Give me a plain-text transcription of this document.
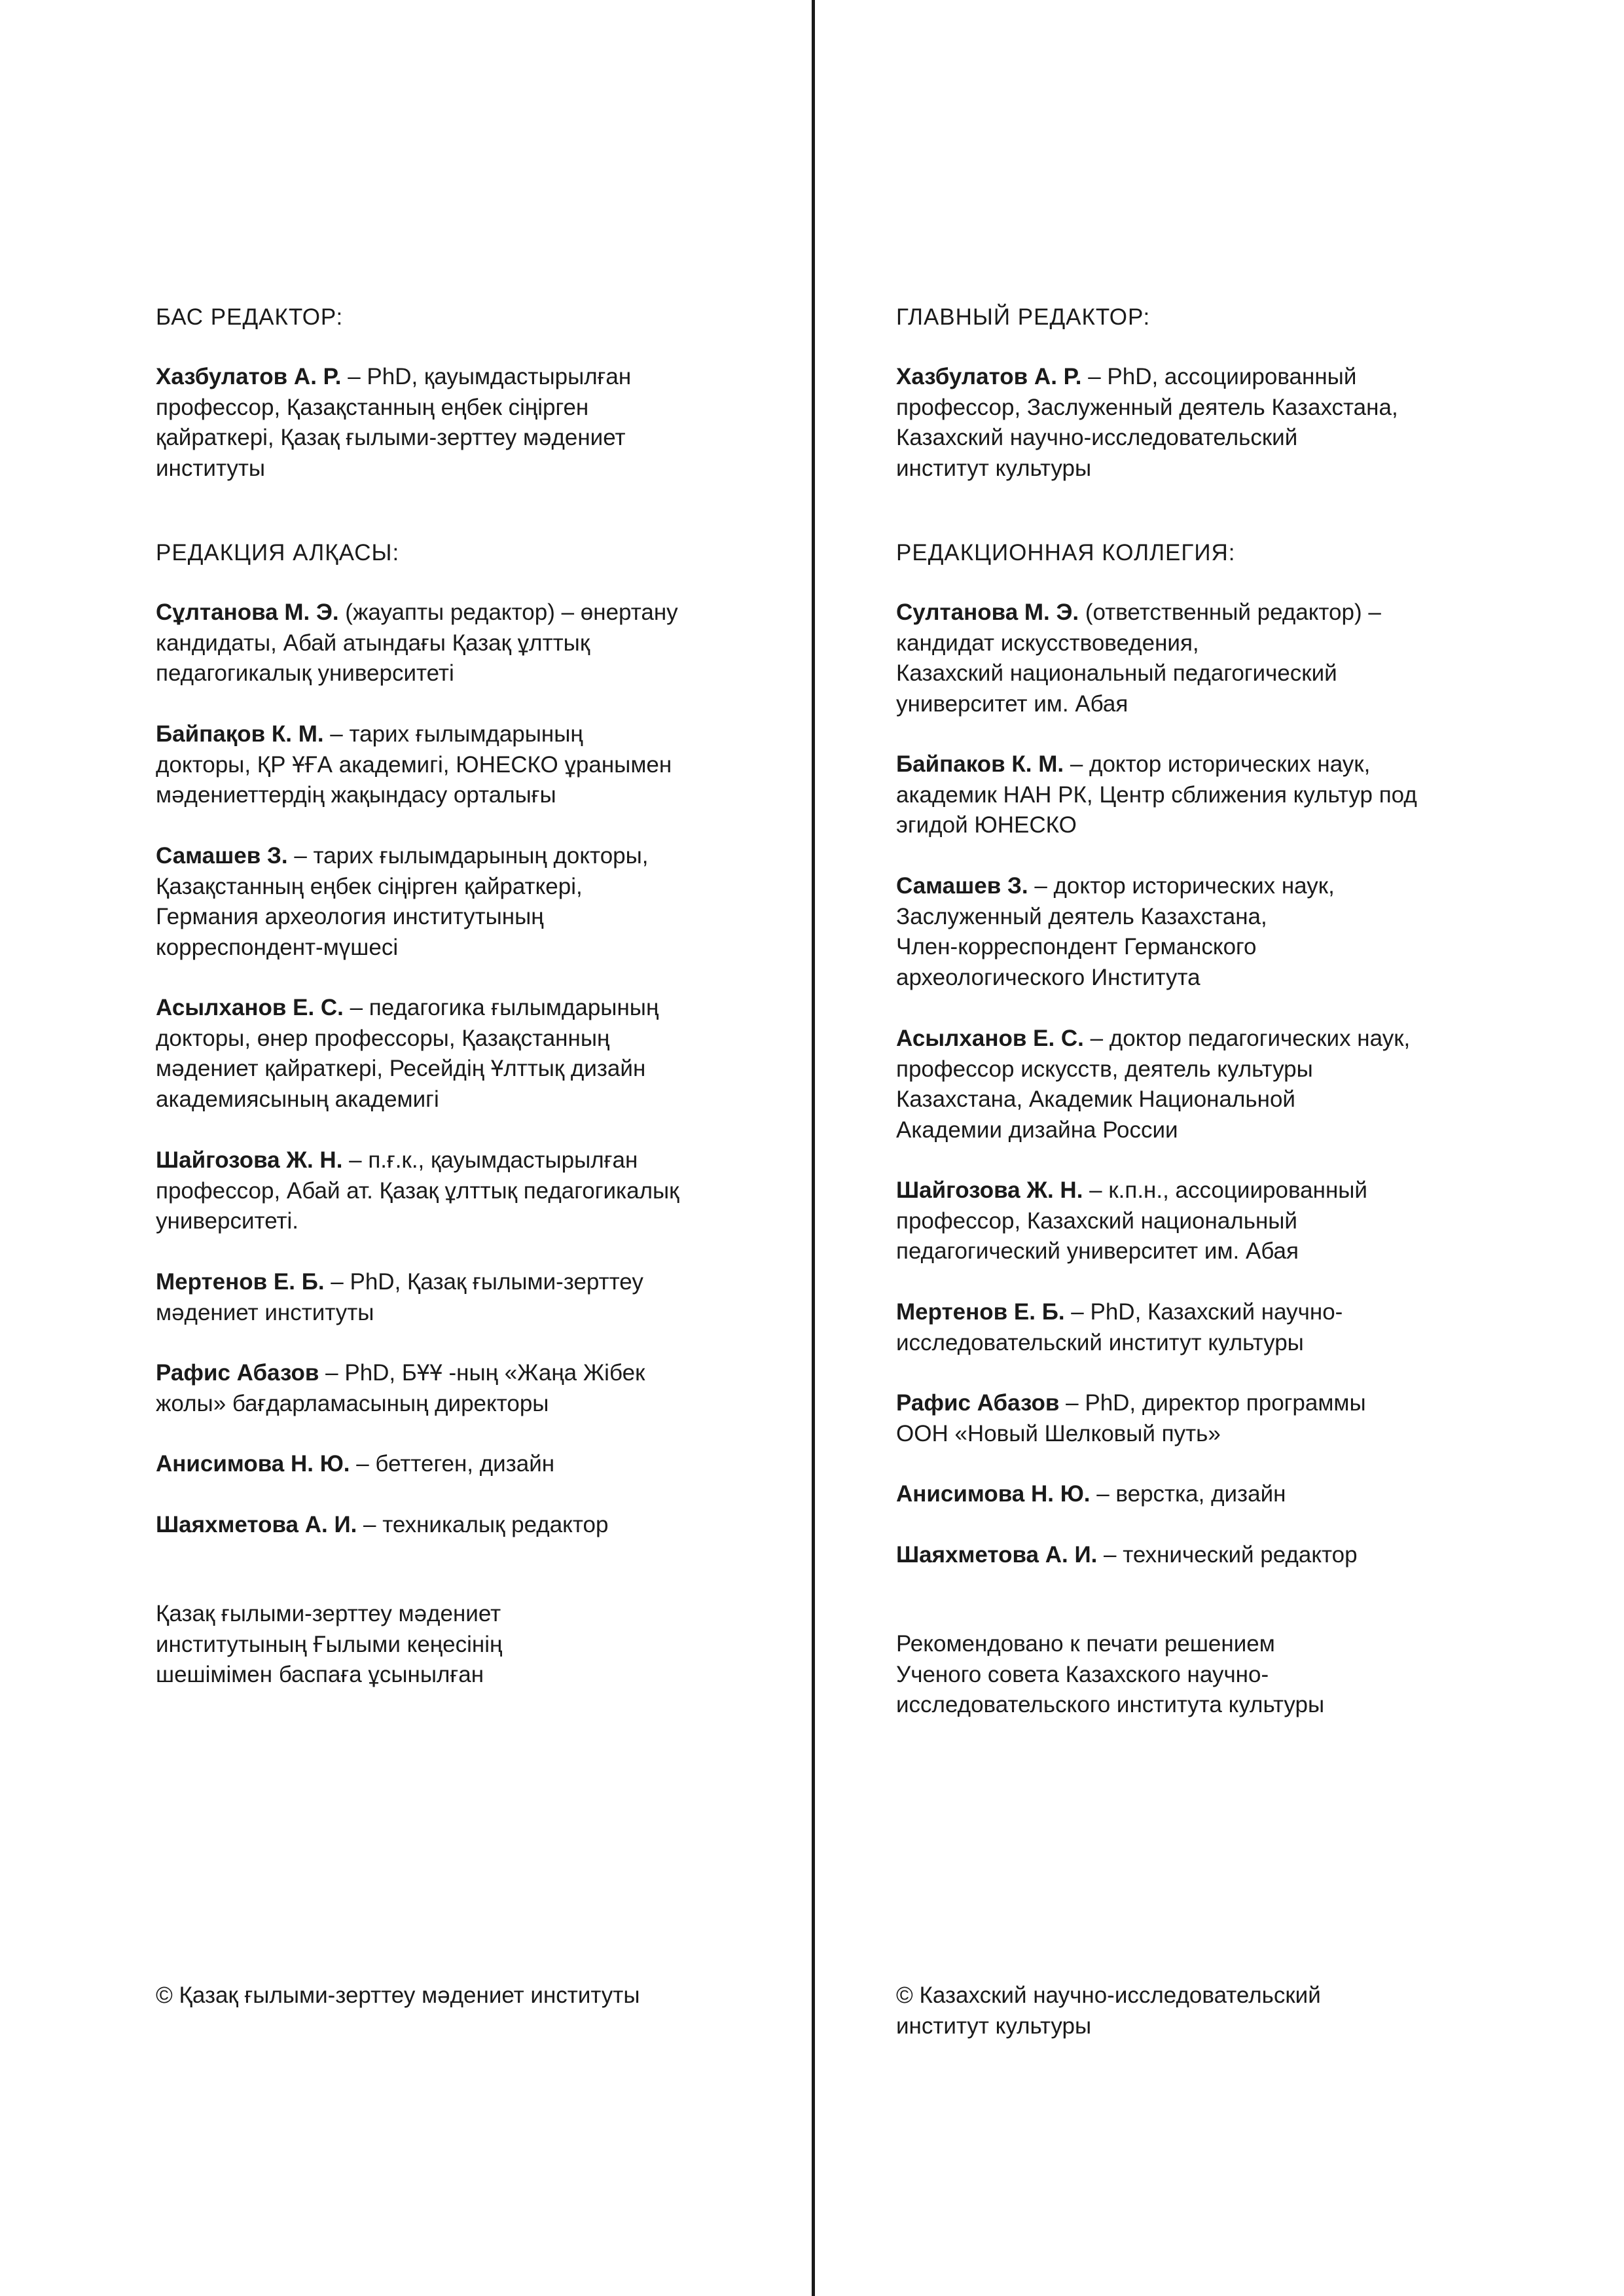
БАС РЕДАКТОР:

Хазбулатов А. Р. – PhD, қауымдастырылған
профессор, Қазақстанның еңбек сіңірген
қайраткері, Қазақ ғылыми-зерттеу мәдениет
институты

РЕДАКЦИЯ АЛҚАСЫ:

Сұлтанова М. Э. (жауапты редактор) – өнертану
кандидаты, Абай атындағы Қазақ ұлттық
педагогикалық университеті

Байпақов К. М. – тарих ғылымдарының
докторы, ҚР ҰҒА академигі, ЮНЕСКО ұранымен
мәдениеттердің жақындасу орталығы

Самашев З. – тарих ғылымдарының докторы,
Қазақстанның еңбек сіңірген қайраткері,
Германия археология институтының
корреспондент-мүшесі

Асылханов Е. С. – педагогика ғылымдарының
докторы, өнер профессоры, Қазақстанның
мәдениет қайраткері, Ресейдің Ұлттық дизайн
академиясының академигі

Шайгозова Ж. Н. – п.ғ.к., қауымдастырылған
профессор, Абай ат. Қазақ ұлттық педагогикалық
университеті.

Мертенов Е. Б. – PhD, Қазақ ғылыми-зерттеу
мәдениет институты

Рафис Абазов – PhD, БҰҰ -ның «Жаңа Жібек
жолы» бағдарламасының директоры

Анисимова Н. Ю. – беттеген, дизайн

Шаяхметова А. И. – техникалық редактор

Қазақ ғылыми-зерттеу мәдениет
институтының Ғылыми кеңесінің
шешімімен баспаға ұсынылған

© Қазақ ғылыми-зерттеу мәдениет институты

ГЛАВНЫЙ РЕДАКТОР:

Хазбулатов А. Р. – PhD, ассоциированный
профессор, Заслуженный деятель Казахстана,
Казахский научно-исследовательский
институт культуры

РЕДАКЦИОННАЯ КОЛЛЕГИЯ:

Султанова М. Э. (ответственный редактор) –
кандидат искусствоведения,
Казахский национальный педагогический
университет им. Абая

Байпаков К. М. – доктор исторических наук,
академик НАН РК, Центр сближения культур под
эгидой ЮНЕСКО

Самашев З. – доктор исторических наук,
Заслуженный деятель Казахстана,
Член-корреспондент Германского
археологического Института

Асылханов Е. С. – доктор педагогических наук,
профессор искусств, деятель культуры
Казахстана, Академик Национальной
Академии дизайна России

Шайгозова Ж. Н. – к.п.н., ассоциированный
профессор, Казахский национальный
педагогический университет им. Абая

Мертенов Е. Б. – PhD, Казахский научно-
исследовательский институт культуры

Рафис Абазов – PhD, директор программы
ООН «Новый Шелковый путь»

Анисимова Н. Ю. – верстка, дизайн

Шаяхметова А. И. – технический редактор

Рекомендовано к печати решением
Ученого совета Казахского научно-
исследовательского института культуры

© Казахский научно-исследовательский
институт культуры
